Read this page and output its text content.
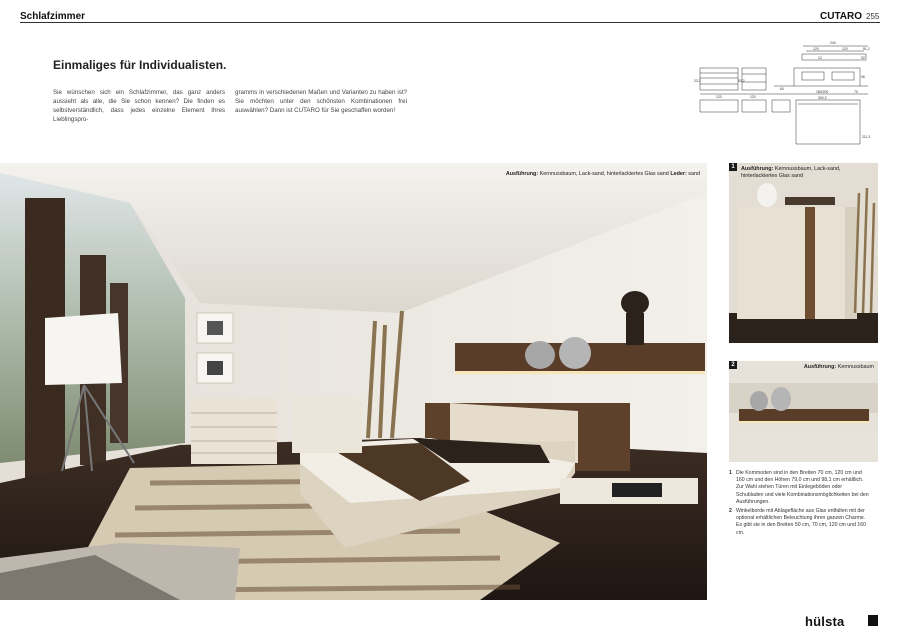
Schlafzimmer	CUTARO 255
Einmaliges für Individualisten.
Sie wünschen sich ein Schlafzimmer, das ganz anders aussieht als alle, die Sie schon kennen? Die finden es selbstverständlich, dass jedes einzelne Element Ihres Lieblingspro-
gramms in verschiedenen Maßen und Varianten zu haben ist? Sie möchten unter den schönsten Kombinationen frei auswählen? Dann ist CUTARO für Sie geschaffen worden!
240
120	120	51,2
12	52
46
60
180/200	70
300,3
211,3
23,2	53,2
120	120
Ausführung: Kernnussbaum, Lack-sand, hinterlackiertes Glas sand Leder: sand
1	Ausführung: Kernnussbaum, Lack-sand, hinterlackiertes Glas sand
2	Ausführung: Kernnussbaum
1 Die Kommoden sind in den Breiten 70 cm, 120 cm und 160 cm und den Höhen 79,0 cm und 98,1 cm erhältlich. Zur Wahl stehen Türen mit Einlegeböden oder Schubladen und viele Kombinationsmöglichkeiten bei den Ausführungen.
2 Winkelborde mit Ablagefläche aus Glas entfalten mit der optional erhältlichen Beleuchtung ihren ganzen Charme. Es gibt sie in den Breiten 50 cm, 70 cm, 120 cm und 160 cm.
hülsta
